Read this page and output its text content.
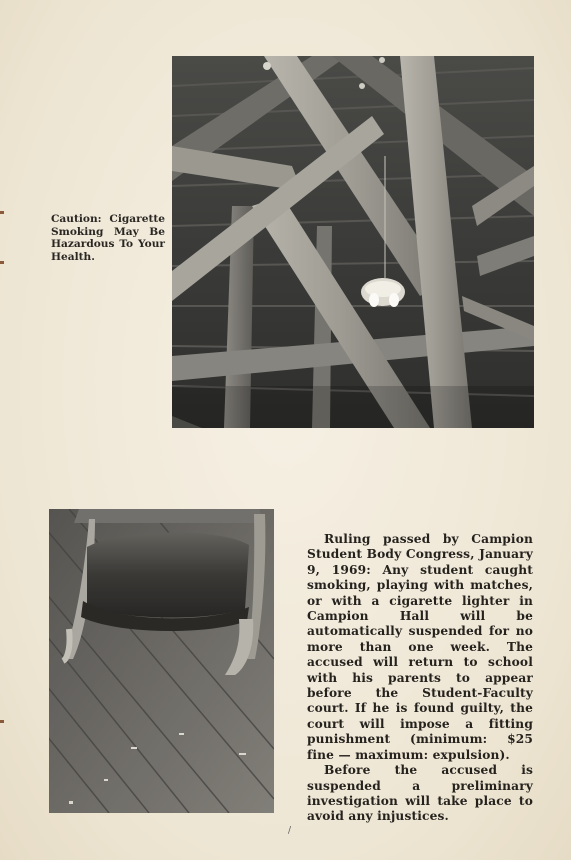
Caution: Cigarette Smoking May Be Hazardous To Your Health.

Ruling passed by Campion Student Body Congress, January 9, 1969: Any student caught smoking, playing with matches, or with a cigarette lighter in Campion Hall will be automatically suspended for no more than one week. The accused will return to school with his parents to appear before the Student-Faculty court. If he is found guilty, the court will impose a fitting punishment (minimum: $25 fine — maximum: expulsion).

Before the accused is suspended a preliminary investigation will take place to avoid any injustices.

/
